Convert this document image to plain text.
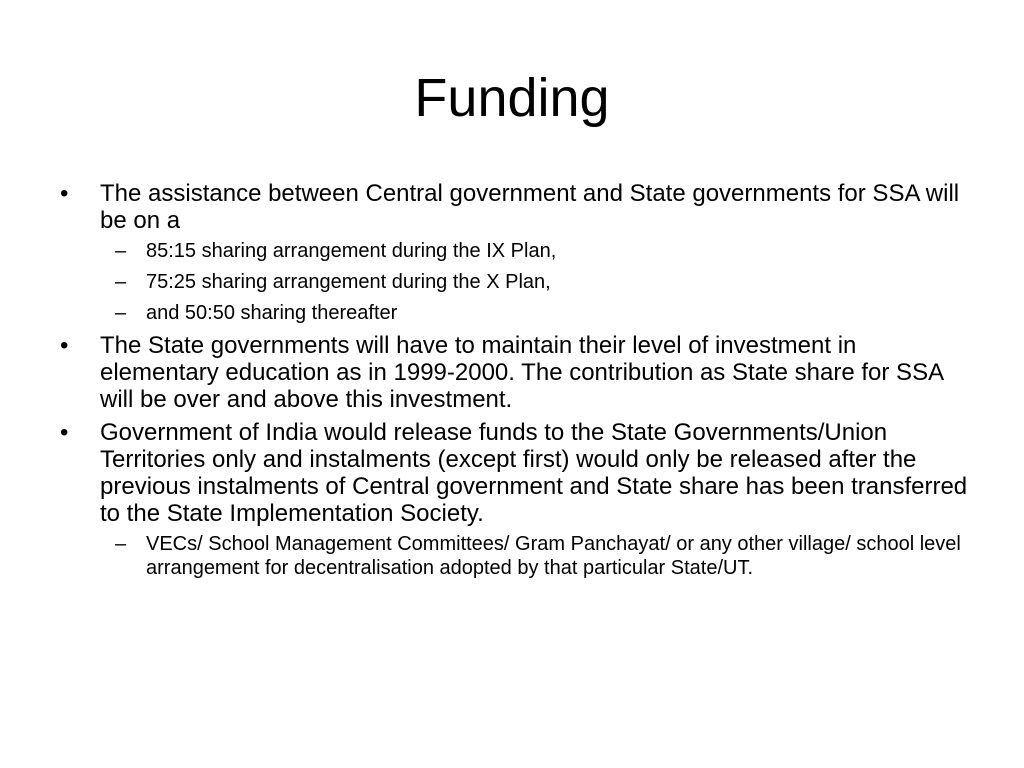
Funding
•	The assistance between Central government and State governments for SSA will be on a
– 85:15 sharing arrangement during the IX Plan,
– 75:25 sharing arrangement during the X Plan,
– and 50:50 sharing thereafter
•	The State governments will have to maintain their level of investment in elementary education as in 1999-2000. The contribution as State share for SSA will be over and above this investment.
•	Government of India would release funds to the State Governments/Union Territories only and instalments (except first) would only be released after the previous instalments of Central government and State share has been transferred to the State Implementation Society.
– VECs/ School Management Committees/ Gram Panchayat/ or any other village/ school level arrangement for decentralisation adopted by that particular State/UT.
